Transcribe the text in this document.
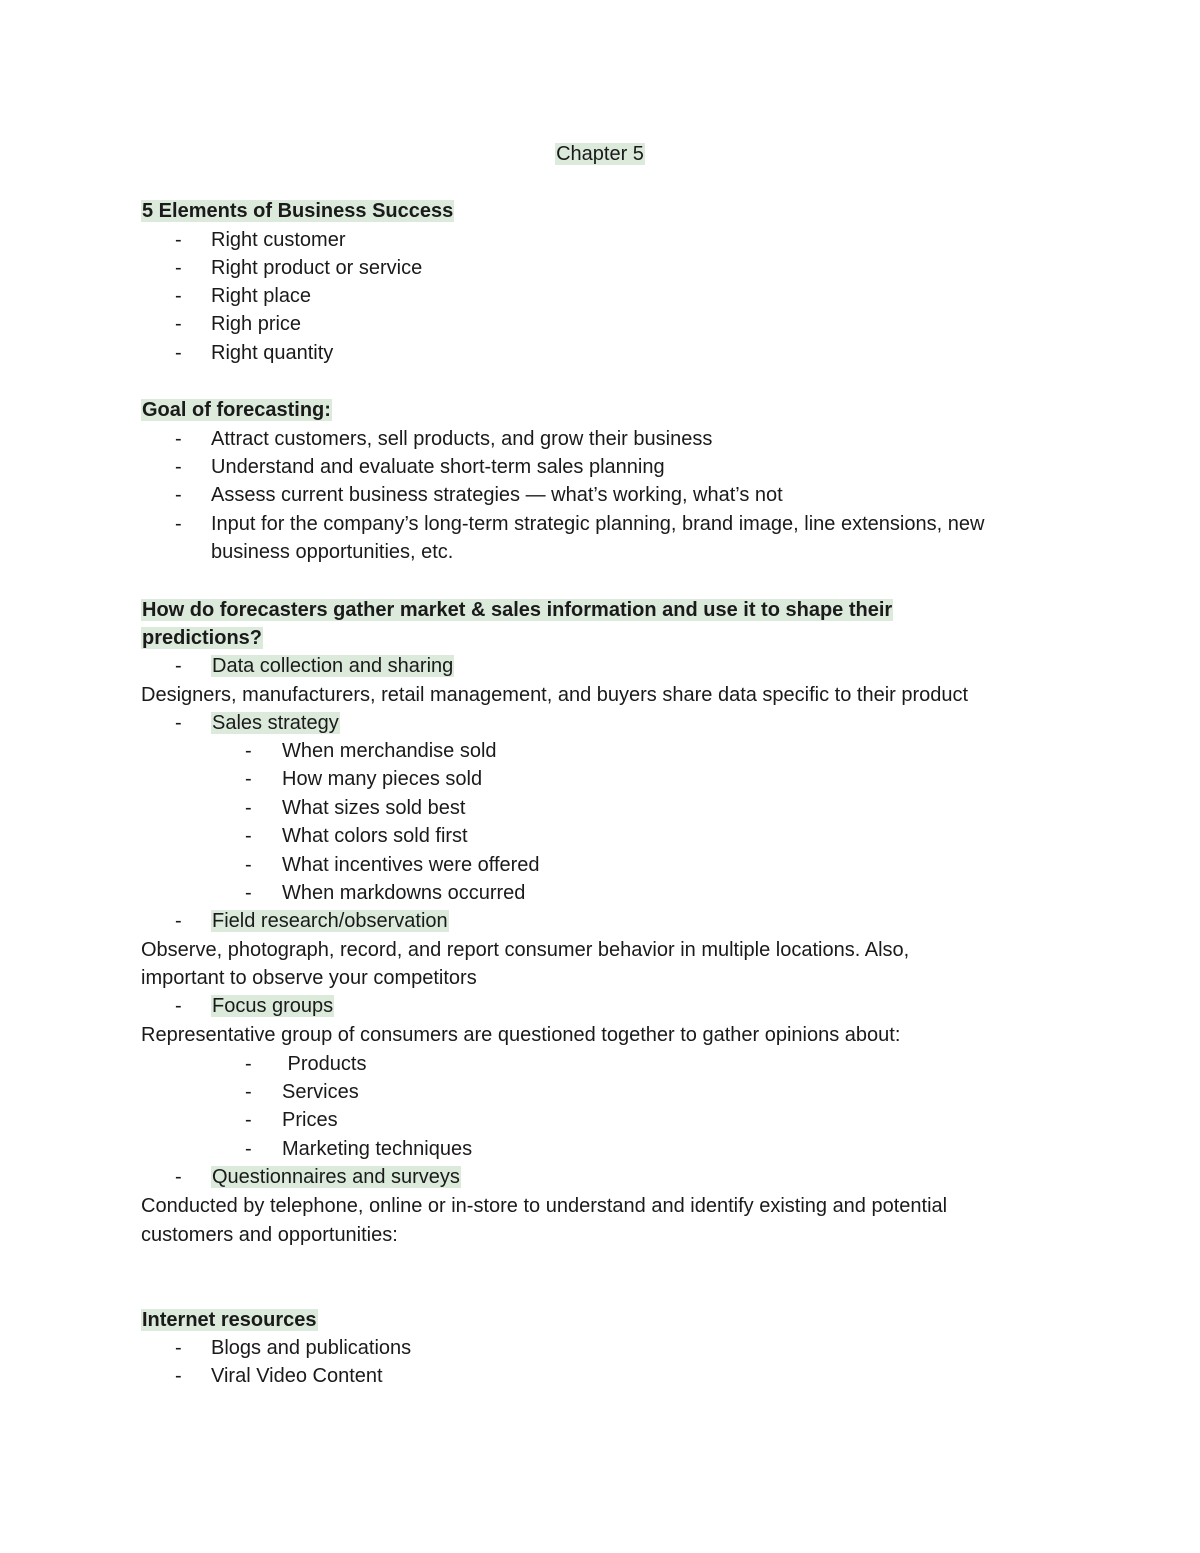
Chapter 5
5 Elements of Business Success
- Right customer
- Right product or service
- Right place
- Righ price
- Right quantity
Goal of forecasting:
- Attract customers, sell products, and grow their business
- Understand and evaluate short-term sales planning
- Assess current business strategies — what’s working, what’s not
- Input for the company’s long-term strategic planning, brand image, line extensions, new
business opportunities, etc.
How do forecasters gather market & sales information and use it to shape their
predictions?
- Data collection and sharing
Designers, manufacturers, retail management, and buyers share data specific to their product
- Sales strategy
- When merchandise sold
- How many pieces sold
- What sizes sold best
- What colors sold first
- What incentives were offered
- When markdowns occurred
- Field research/observation
Observe, photograph, record, and report consumer behavior in multiple locations. Also,
important to observe your competitors
- Focus groups
Representative group of consumers are questioned together to gather opinions about:
- Products
- Services
- Prices
- Marketing techniques
- Questionnaires and surveys
Conducted by telephone, online or in-store to understand and identify existing and potential
customers and opportunities:
Internet resources
- Blogs and publications
- Viral Video Content
